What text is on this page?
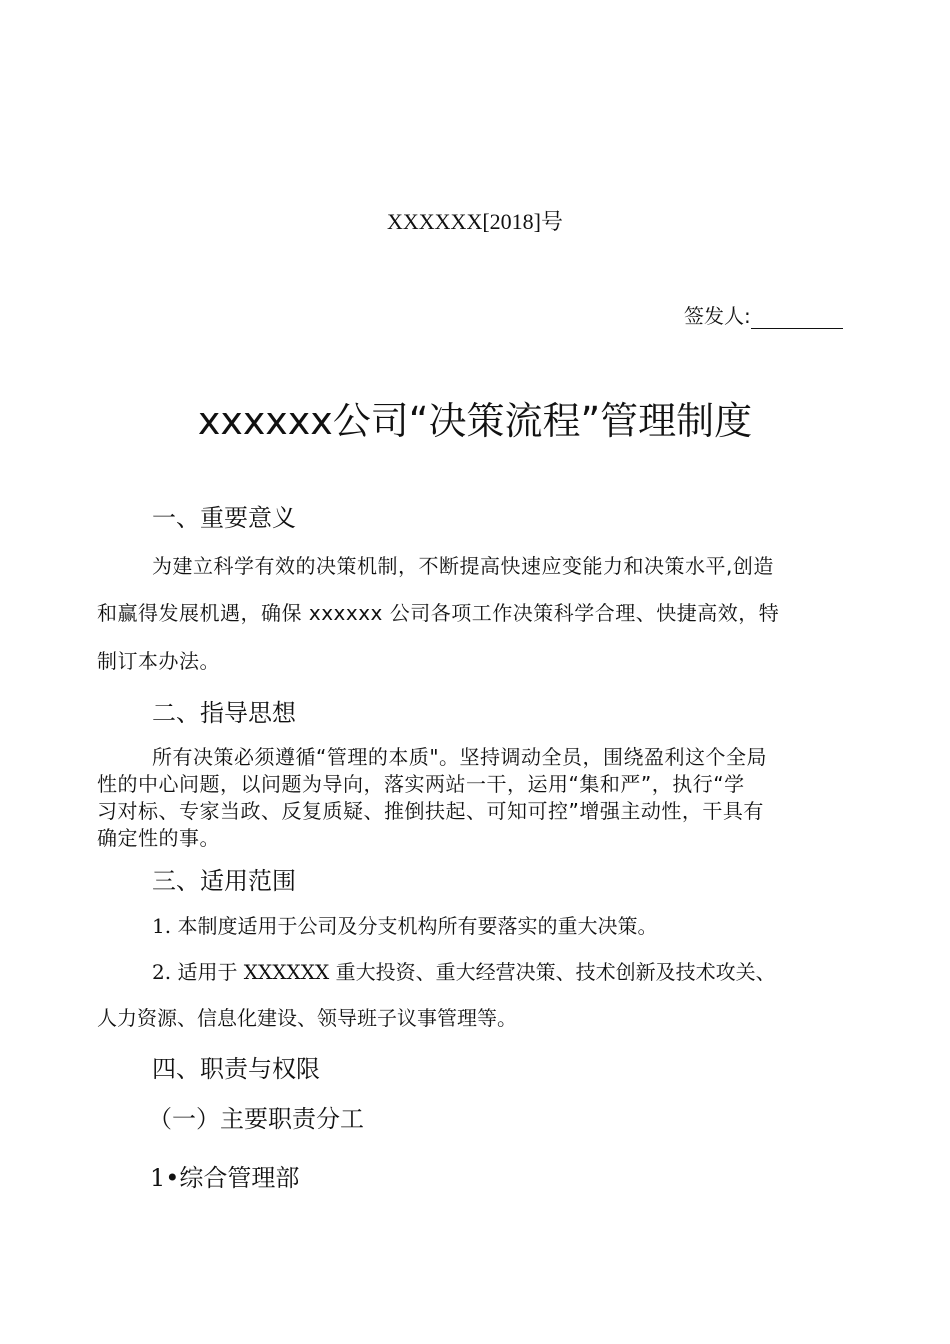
XXXXXX[2018]号
签发人:
xxxxxx公司“决策流程”管理制度
一、重要意义
为建立科学有效的决策机制，不断提高快速应变能力和决策水平,创造
和赢得发展机遇，确保 xxxxxx 公司各项工作决策科学合理、快捷高效，特
制订本办法。
二、指导思想
所有决策必须遵循“管理的本质"。坚持调动全员，围绕盈利这个全局
性的中心问题，以问题为导向，落实两站一干，运用“集和严”，执行“学
习对标、专家当政、反复质疑、推倒扶起、可知可控”增强主动性，干具有
确定性的事。
三、适用范围
1. 本制度适用于公司及分支机构所有要落实的重大决策。
2. 适用于 XXXXXX 重大投资、重大经营决策、技术创新及技术攻关、
人力资源、信息化建设、领导班子议事管理等。
四、职责与权限
（一）主要职责分工
1•综合管理部
